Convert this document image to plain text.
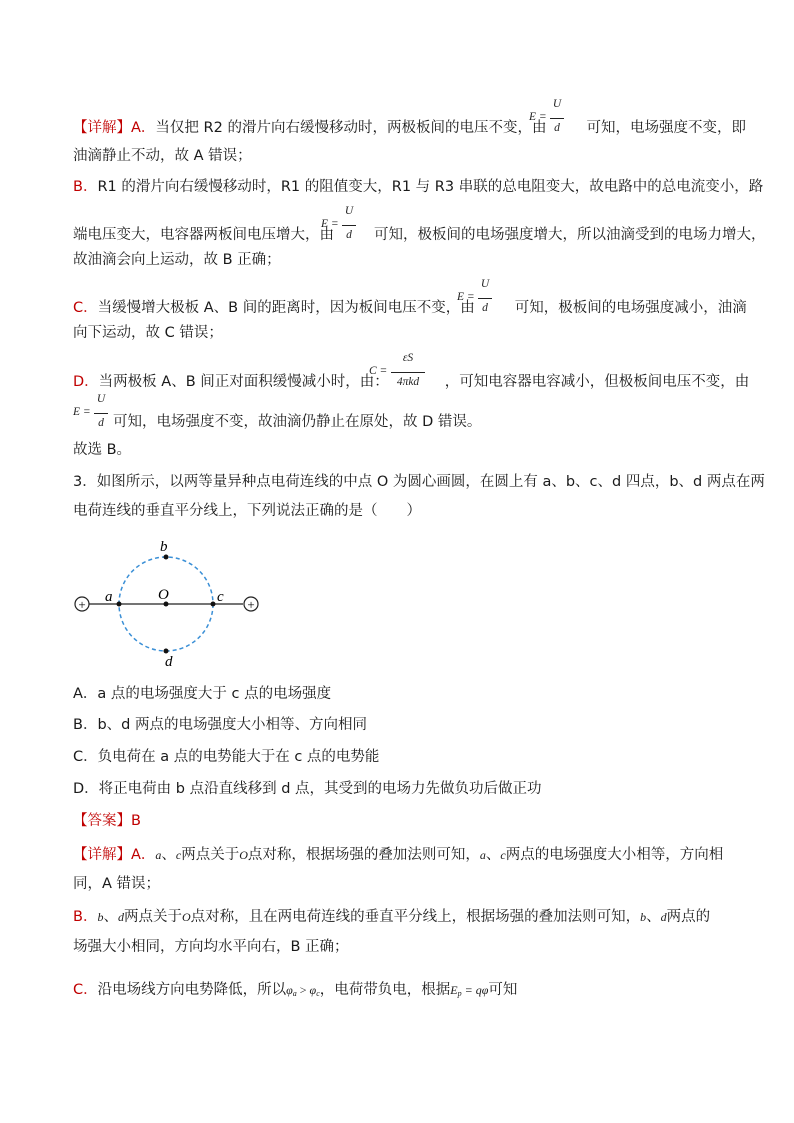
【详解】A．当仅把 R2 的滑片向右缓慢移动时，两极板间的电压不变，由	可知，电场强度不变，即
E =
U
d
油滴静止不动，故 A 错误；
B．R1 的滑片向右缓慢移动时，R1 的阻值变大，R1 与 R3 串联的总电阻变大，故电路中的总电流变小，路
端电压变大，电容器两板间电压增大，由	可知，极板间的电场强度增大，所以油滴受到的电场力增大，
E =
U
d
故油滴会向上运动，故 B 正确；
C．当缓慢增大极板 A、B 间的距离时，因为板间电压不变，由	可知，极板间的电场强度减小，油滴
E =
U
d
向下运动，故 C 错误；
D．当两极板 A、B 间正对面积缓慢减小时，由：	，可知电容器电容减小，但极板间电压不变，由
C =
εS
4πkd
E =
U
d 可知，电场强度不变，故油滴仍静止在原处，故 D 错误。
故选 B。
3．如图所示，以两等量异种点电荷连线的中点 O 为圆心画圆，在圆上有 a、b、c、d 四点，b、d 两点在两
电荷连线的垂直平分线上，下列说法正确的是（　　）
+	+
a
b
c
d
O
A．a 点的电场强度大于 c 点的电场强度
B．b、d 两点的电场强度大小相等、方向相同
C．负电荷在 a 点的电势能大于在 c 点的电势能
D．将正电荷由 b 点沿直线移到 d 点，其受到的电场力先做负功后做正功
【答案】B
【详解】A．a、c两点关于O点对称，根据场强的叠加法则可知，a、c两点的电场强度大小相等，方向相
同，A 错误；
B．b、d两点关于O点对称，且在两电荷连线的垂直平分线上，根据场强的叠加法则可知，b、d两点的
场强大小相同，方向均水平向右，B 正确；
C．沿电场线方向电势降低，所以$\varphi_a > \varphi_c$，电荷带负电，根据$E_p = q\varphi$可知
